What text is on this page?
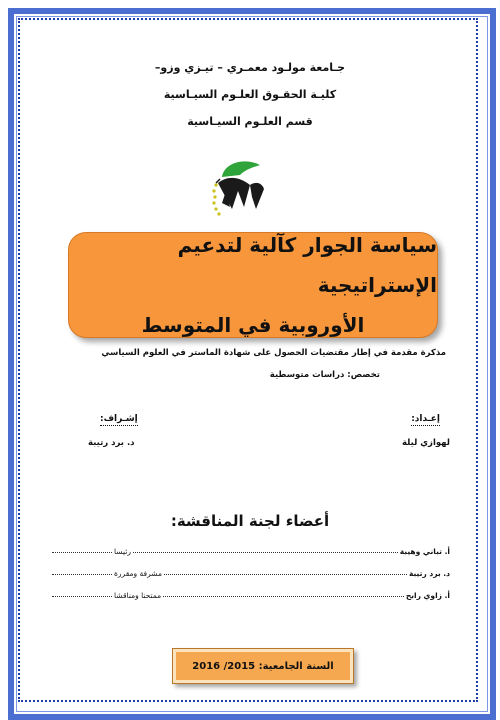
جـامعة مولـود معمـري – تيـزي وزو–
كليـة الحقـوق العلـوم السيـاسية
قسم العلـوم السيـاسية
سياسة الجوار كآلية لتدعيم الإستراتيجية
الأوروبية في المتوسط
مذكرة مقدمة في إطار مقتضيات الحصول على شهادة الماستر في العلوم السياسي
تخصص: دراسات متوسطية
إعـداد:
لهوازي ليلة
إشـراف:
د. برد رتيبة
أعضاء لجنة المناقشة:
أ. تباني وهيبة
رئيسا
د. برد رتيبة
مشرفة ومقررة
أ. زاوي رابح
ممتحنا ومناقشا
السنة الجامعية: 2015/ 2016
